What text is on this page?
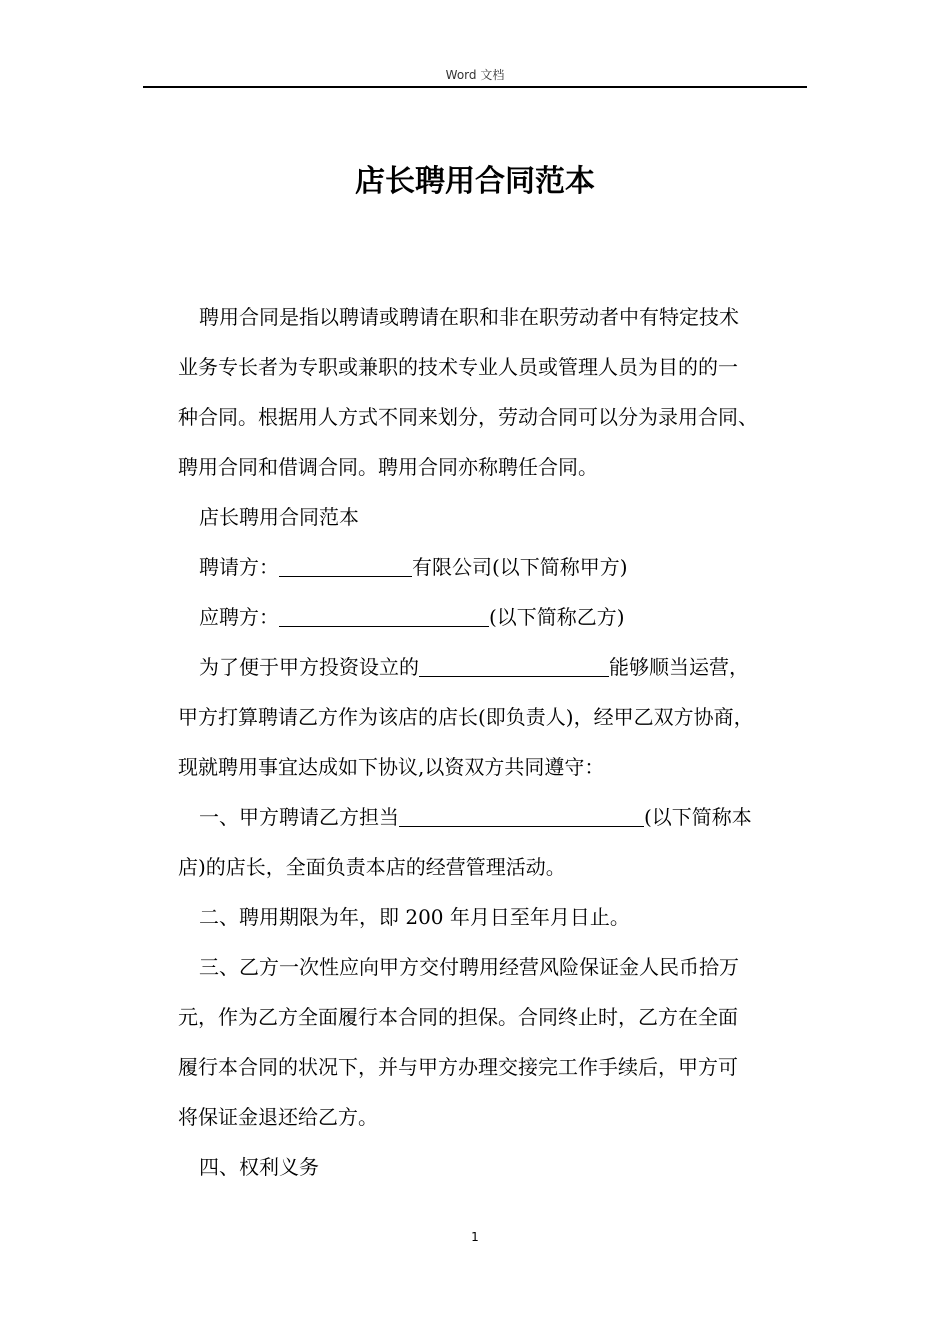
Word 文档
店长聘用合同范本

聘用合同是指以聘请或聘请在职和非在职劳动者中有特定技术

业务专长者为专职或兼职的技术专业人员或管理人员为目的的一

种合同。根据用人方式不同来划分，劳动合同可以分为录用合同、

聘用合同和借调合同。聘用合同亦称聘任合同。

店长聘用合同范本

聘请方：	有限公司(以下简称甲方)

应聘方：	(以下简称乙方)

为了便于甲方投资设立的	能够顺当运营，

甲方打算聘请乙方作为该店的店长(即负责人)，经甲乙双方协商，

现就聘用事宜达成如下协议,以资双方共同遵守：

一、甲方聘请乙方担当	(以下简称本

店)的店长，全面负责本店的经营管理活动。

二、聘用期限为年，即 200 年月日至年月日止。

三、乙方一次性应向甲方交付聘用经营风险保证金人民币拾万

元，作为乙方全面履行本合同的担保。合同终止时，乙方在全面

履行本合同的状况下，并与甲方办理交接完工作手续后，甲方可

将保证金退还给乙方。

四、权利义务

1
